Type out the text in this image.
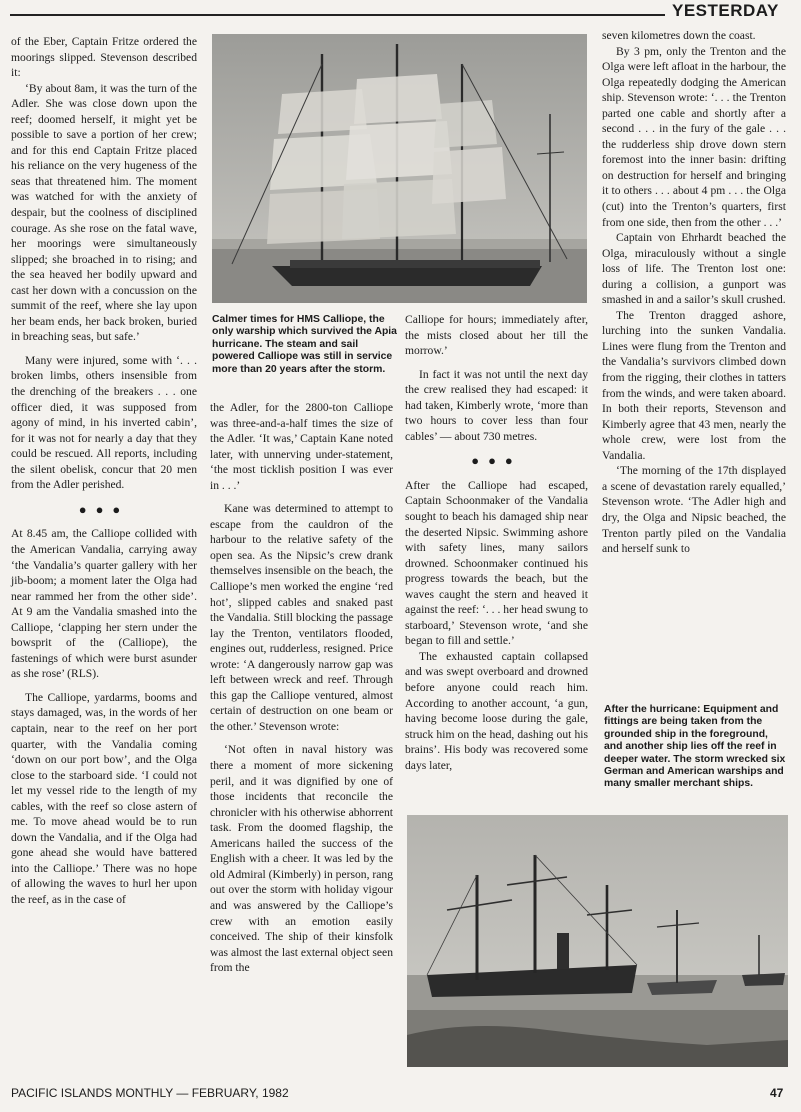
YESTERDAY

of the Eber, Captain Fritze ordered the moorings slipped. Stevenson described it:

‘By about 8am, it was the turn of the Adler. She was close down upon the reef; doomed herself, it might yet be possible to save a portion of her crew; and for this end Captain Fritze placed his reliance on the very hugeness of the seas that threatened him. The moment was watched for with the anxiety of despair, but the coolness of disciplined courage. As she rose on the fatal wave, her moorings were simultaneously slipped; she broached in to rising; and the sea heaved her bodily upward and cast her down with a concussion on the summit of the reef, where she lay upon her beam ends, her back broken, buried in breaching seas, but safe.’

Many were injured, some with ‘. . . broken limbs, others insensible from the drenching of the breakers . . . one officer died, it was supposed from agony of mind, in his inverted cabin’, for it was not for nearly a day that they could be rescued. All reports, including the silent obelisk, concur that 20 men from the Adler perished.

●●●

At 8.45 am, the Calliope collided with the American Vandalia, carrying away ‘the Vandalia’s quarter gallery with her jib-boom; a moment later the Olga had near rammed her from the other side’. At 9 am the Vandalia smashed into the Calliope, ‘clapping her stern under the bowsprit of the (Calliope), the fastenings of which were burst asunder as she rose’ (RLS).

The Calliope, yardarms, booms and stays damaged, was, in the words of her captain, near to the reef on her port quarter, with the Vandalia coming ‘down on our port bow’, and the Olga close to the starboard side. ‘I could not let my vessel ride to the length of my cables, with the reef so close astern of me. To move ahead would be to run down the Vandalia, and if the Olga had gone ahead she would have battered into the Calliope.’ There was no hope of allowing the waves to hurl her upon the reef, as in the case of

Calmer times for HMS Calliope, the only warship which survived the Apia hurricane. The steam and sail powered Calliope was still in service more than 20 years after the storm.

the Adler, for the 2800-ton Calliope was three-and-a-half times the size of the Adler. ‘It was,’ Captain Kane noted later, with unnerving under-statement, ‘the most ticklish position I was ever in . . .’

Kane was determined to attempt to escape from the cauldron of the harbour to the relative safety of the open sea. As the Nipsic’s crew drank themselves insensible on the beach, the Calliope’s men worked the engine ‘red hot’, slipped cables and snaked past the Vandalia. Still blocking the passage lay the Trenton, ventilators flooded, engines out, rudderless, resigned. Price wrote: ‘A dangerously narrow gap was left between wreck and reef. Through this gap the Calliope ventured, almost certain of destruction on one beam or the other.’ Stevenson wrote:

‘Not often in naval history was there a moment of more sickening peril, and it was dignified by one of those incidents that reconcile the chronicler with his otherwise abhorrent task. From the doomed flagship, the Americans hailed the success of the English with a cheer. It was led by the old Admiral (Kimberly) in person, rang out over the storm with holiday vigour and was answered by the Calliope’s crew with an emotion easily conceived. The ship of their kinsfolk was almost the last external object seen from the

Calliope for hours; immediately after, the mists closed about her till the morrow.’

In fact it was not until the next day the crew realised they had escaped: it had taken, Kimberly wrote, ‘more than two hours to cover less than four cables’ — about 730 metres.

●●●

After the Calliope had escaped, Captain Schoonmaker of the Vandalia sought to beach his damaged ship near the deserted Nipsic. Swimming ashore with safety lines, many sailors drowned. Schoonmaker continued his progress towards the beach, but the waves caught the stern and heaved it against the reef: ‘. . . her head swung to starboard,’ Stevenson wrote, ‘and she began to fill and settle.’

The exhausted captain collapsed and was swept overboard and drowned before anyone could reach him. According to another account, ‘a gun, having become loose during the gale, struck him on the head, dashing out his brains’. His body was recovered some days later,

seven kilometres down the coast.

By 3 pm, only the Trenton and the Olga were left afloat in the harbour, the Olga repeatedly dodging the American ship. Stevenson wrote: ‘. . . the Trenton parted one cable and shortly after a second . . . in the fury of the gale . . . the rudderless ship drove down stern foremost into the inner basin: drifting on destruction for herself and bringing it to others . . . about 4 pm . . . the Olga (cut) into the Trenton’s quarters, first from one side, then from the other . . .’

Captain von Ehrhardt beached the Olga, miraculously without a single loss of life. The Trenton lost one: during a collision, a gunport was smashed in and a sailor’s skull crushed.

The Trenton dragged ashore, lurching into the sunken Vandalia. Lines were flung from the Trenton and the Vandalia’s survivors climbed down from the rigging, their clothes in tatters from the winds, and were taken aboard. In both their reports, Stevenson and Kimberly agree that 43 men, nearly the whole crew, were lost from the Vandalia.

‘The morning of the 17th displayed a scene of devastation rarely equalled,’ Stevenson wrote. ‘The Adler high and dry, the Olga and Nipsic beached, the Trenton partly piled on the Vandalia and herself sunk to

After the hurricane: Equipment and fittings are being taken from the grounded ship in the foreground, and another ship lies off the reef in deeper water. The storm wrecked six German and American warships and many smaller merchant ships.
PACIFIC ISLANDS MONTHLY — FEBRUARY, 1982	47
